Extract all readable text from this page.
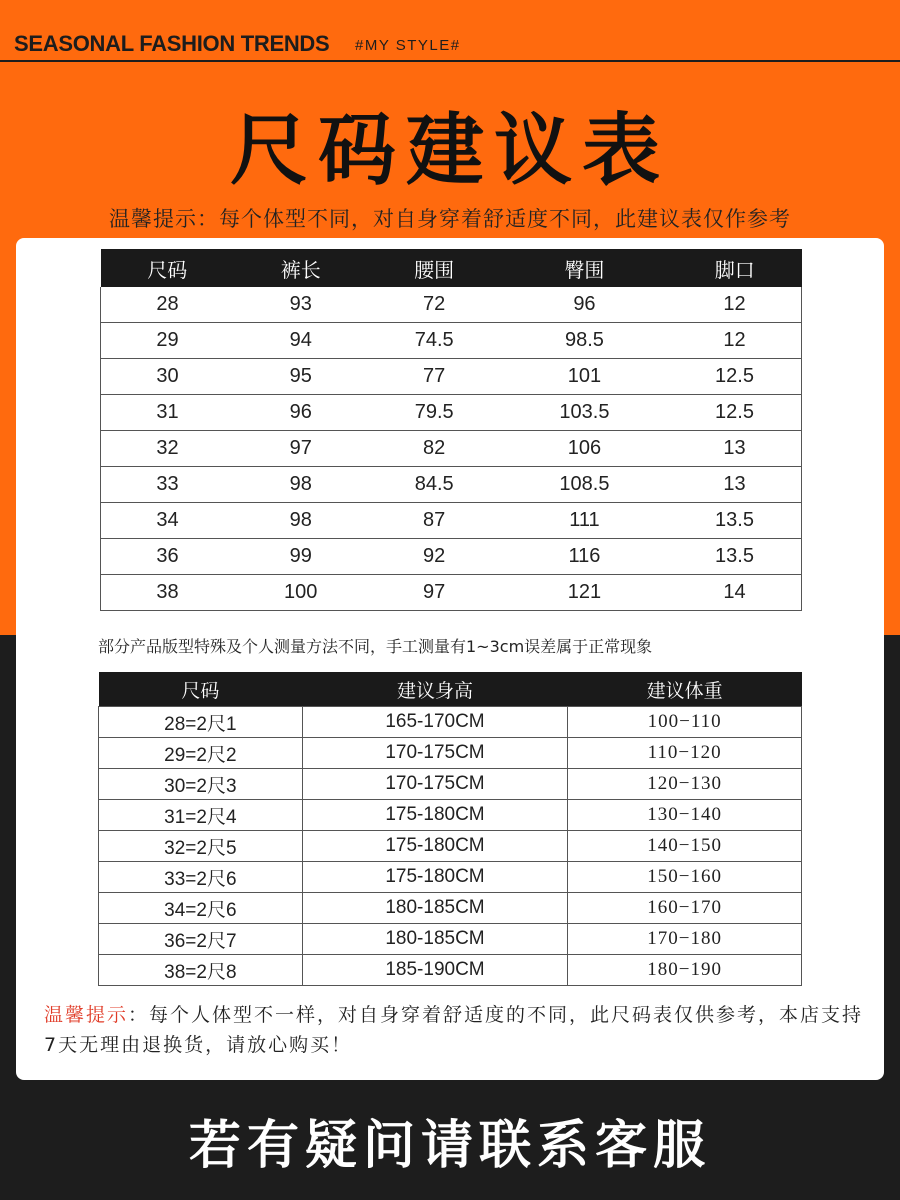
SEASONAL FASHION TRENDS #MY STYLE#
尺码建议表
温馨提示：每个体型不同，对自身穿着舒适度不同，此建议表仅作参考
尺码	裤长	腰围	臀围	脚口
28	93	72	96	12
29	94	74.5	98.5	12
30	95	77	101	12.5
31	96	79.5	103.5	12.5
32	97	82	106	13
33	98	84.5	108.5	13
34	98	87	111	13.5
36	99	92	116	13.5
38	100	97	121	14
部分产品版型特殊及个人测量方法不同，手工测量有1~3cm误差属于正常现象
尺码	建议身高	建议体重
28=2尺1	165-170CM	100−110
29=2尺2	170-175CM	110−120
30=2尺3	170-175CM	120−130
31=2尺4	175-180CM	130−140
32=2尺5	175-180CM	140−150
33=2尺6	175-180CM	150−160
34=2尺6	180-185CM	160−170
36=2尺7	180-185CM	170−180
38=2尺8	185-190CM	180−190
温馨提示：每个人体型不一样，对自身穿着舒适度的不同，此尺码表仅供参考，本店支持7天无理由退换货，请放心购买！
若有疑问请联系客服
